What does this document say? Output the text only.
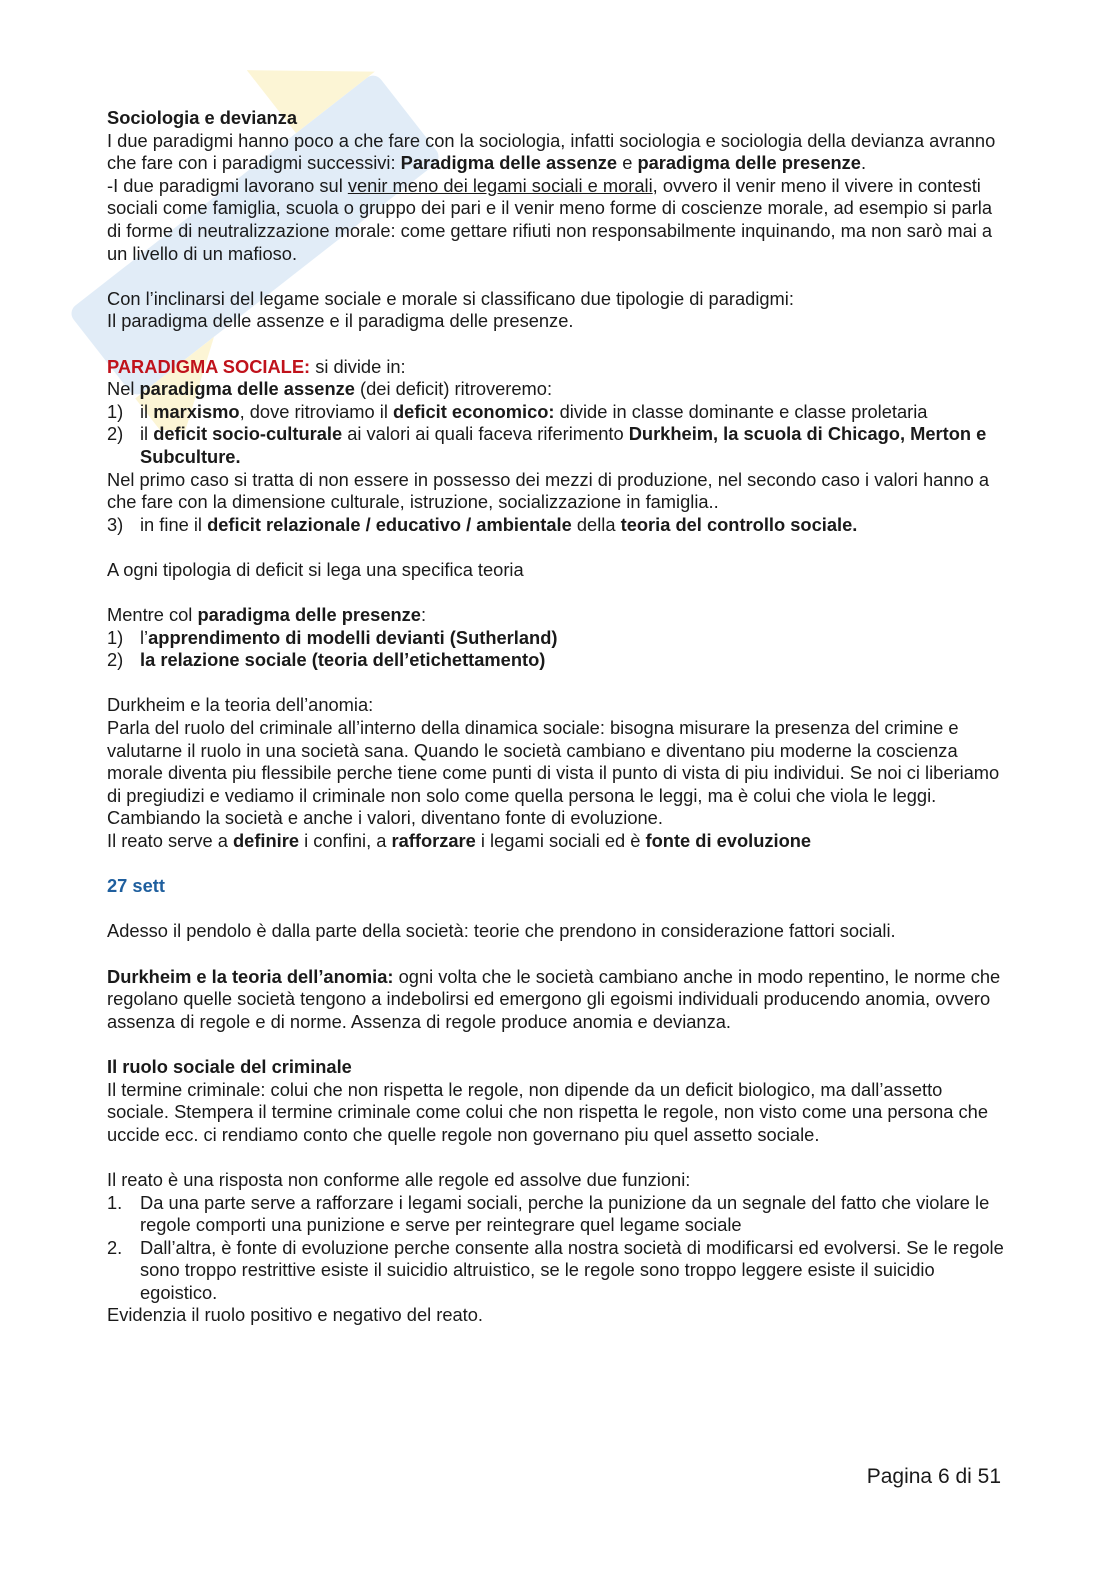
Sociologia e devianza

I due paradigmi hanno poco a che fare con la sociologia, infatti sociologia e sociologia della devianza avranno che fare con i paradigmi successivi: Paradigma delle assenze e paradigma delle presenze.

-I due paradigmi lavorano sul venir meno dei legami sociali e morali, ovvero il venir meno il vivere in contesti sociali come famiglia, scuola o gruppo dei pari e il venir meno forme di coscienze morale, ad esempio si parla di forme di neutralizzazione morale: come gettare rifiuti non responsabilmente inquinando, ma non sarò mai a un livello di un mafioso.

Con l’inclinarsi del legame sociale e morale si classificano due tipologie di paradigmi:

Il paradigma delle assenze e il paradigma delle presenze.

PARADIGMA SOCIALE: si divide in:

Nel paradigma delle assenze (dei deficit) ritroveremo:

1) il marxismo, dove ritroviamo il deficit economico: divide in classe dominante e classe proletaria
2) il deficit socio-culturale ai valori ai quali faceva riferimento Durkheim, la scuola di Chicago, Merton e Subculture.

Nel primo caso si tratta di non essere in possesso dei mezzi di produzione, nel secondo caso i valori hanno a che fare con la dimensione culturale, istruzione, socializzazione in famiglia..

3) in fine il deficit relazionale / educativo / ambientale della teoria del controllo sociale.

A ogni tipologia di deficit si lega una specifica teoria

Mentre col paradigma delle presenze:

1) l’apprendimento di modelli devianti (Sutherland)
2) la relazione sociale (teoria dell’etichettamento)

Durkheim e la teoria dell’anomia:

Parla del ruolo del criminale all’interno della dinamica sociale: bisogna misurare la presenza del crimine e valutarne il ruolo in una società sana. Quando le società cambiano e diventano piu moderne la coscienza morale diventa piu flessibile perche tiene come punti di vista il punto di vista di piu individui. Se noi ci liberiamo di pregiudizi e vediamo il criminale non solo come quella persona le leggi, ma è colui che viola le leggi. Cambiando la società e anche i valori, diventano fonte di evoluzione.

Il reato serve a definire i confini, a rafforzare i legami sociali ed è fonte di evoluzione

27 sett

Adesso il pendolo è dalla parte della società: teorie che prendono in considerazione fattori sociali.

Durkheim e la teoria dell’anomia: ogni volta che le società cambiano anche in modo repentino, le norme che regolano quelle società tengono a indebolirsi ed emergono gli egoismi individuali producendo anomia, ovvero assenza di regole e di norme. Assenza di regole produce anomia e devianza.

Il ruolo sociale del criminale

Il termine criminale: colui che non rispetta le regole, non dipende da un deficit biologico, ma dall’assetto sociale. Stempera il termine criminale come colui che non rispetta le regole, non visto come una persona che uccide ecc. ci rendiamo conto che quelle regole non governano piu quel assetto sociale.

Il reato è una risposta non conforme alle regole ed assolve due funzioni:

1. Da una parte serve a rafforzare i legami sociali, perche la punizione da un segnale del fatto che violare le regole comporti una punizione e serve per reintegrare quel legame sociale
2. Dall’altra, è fonte di evoluzione perche consente alla nostra società di modificarsi ed evolversi. Se le regole sono troppo restrittive esiste il suicidio altruistico, se le regole sono troppo leggere esiste il suicidio egoistico.

Evidenzia il ruolo positivo e negativo del reato.

Pagina 6 di 51
